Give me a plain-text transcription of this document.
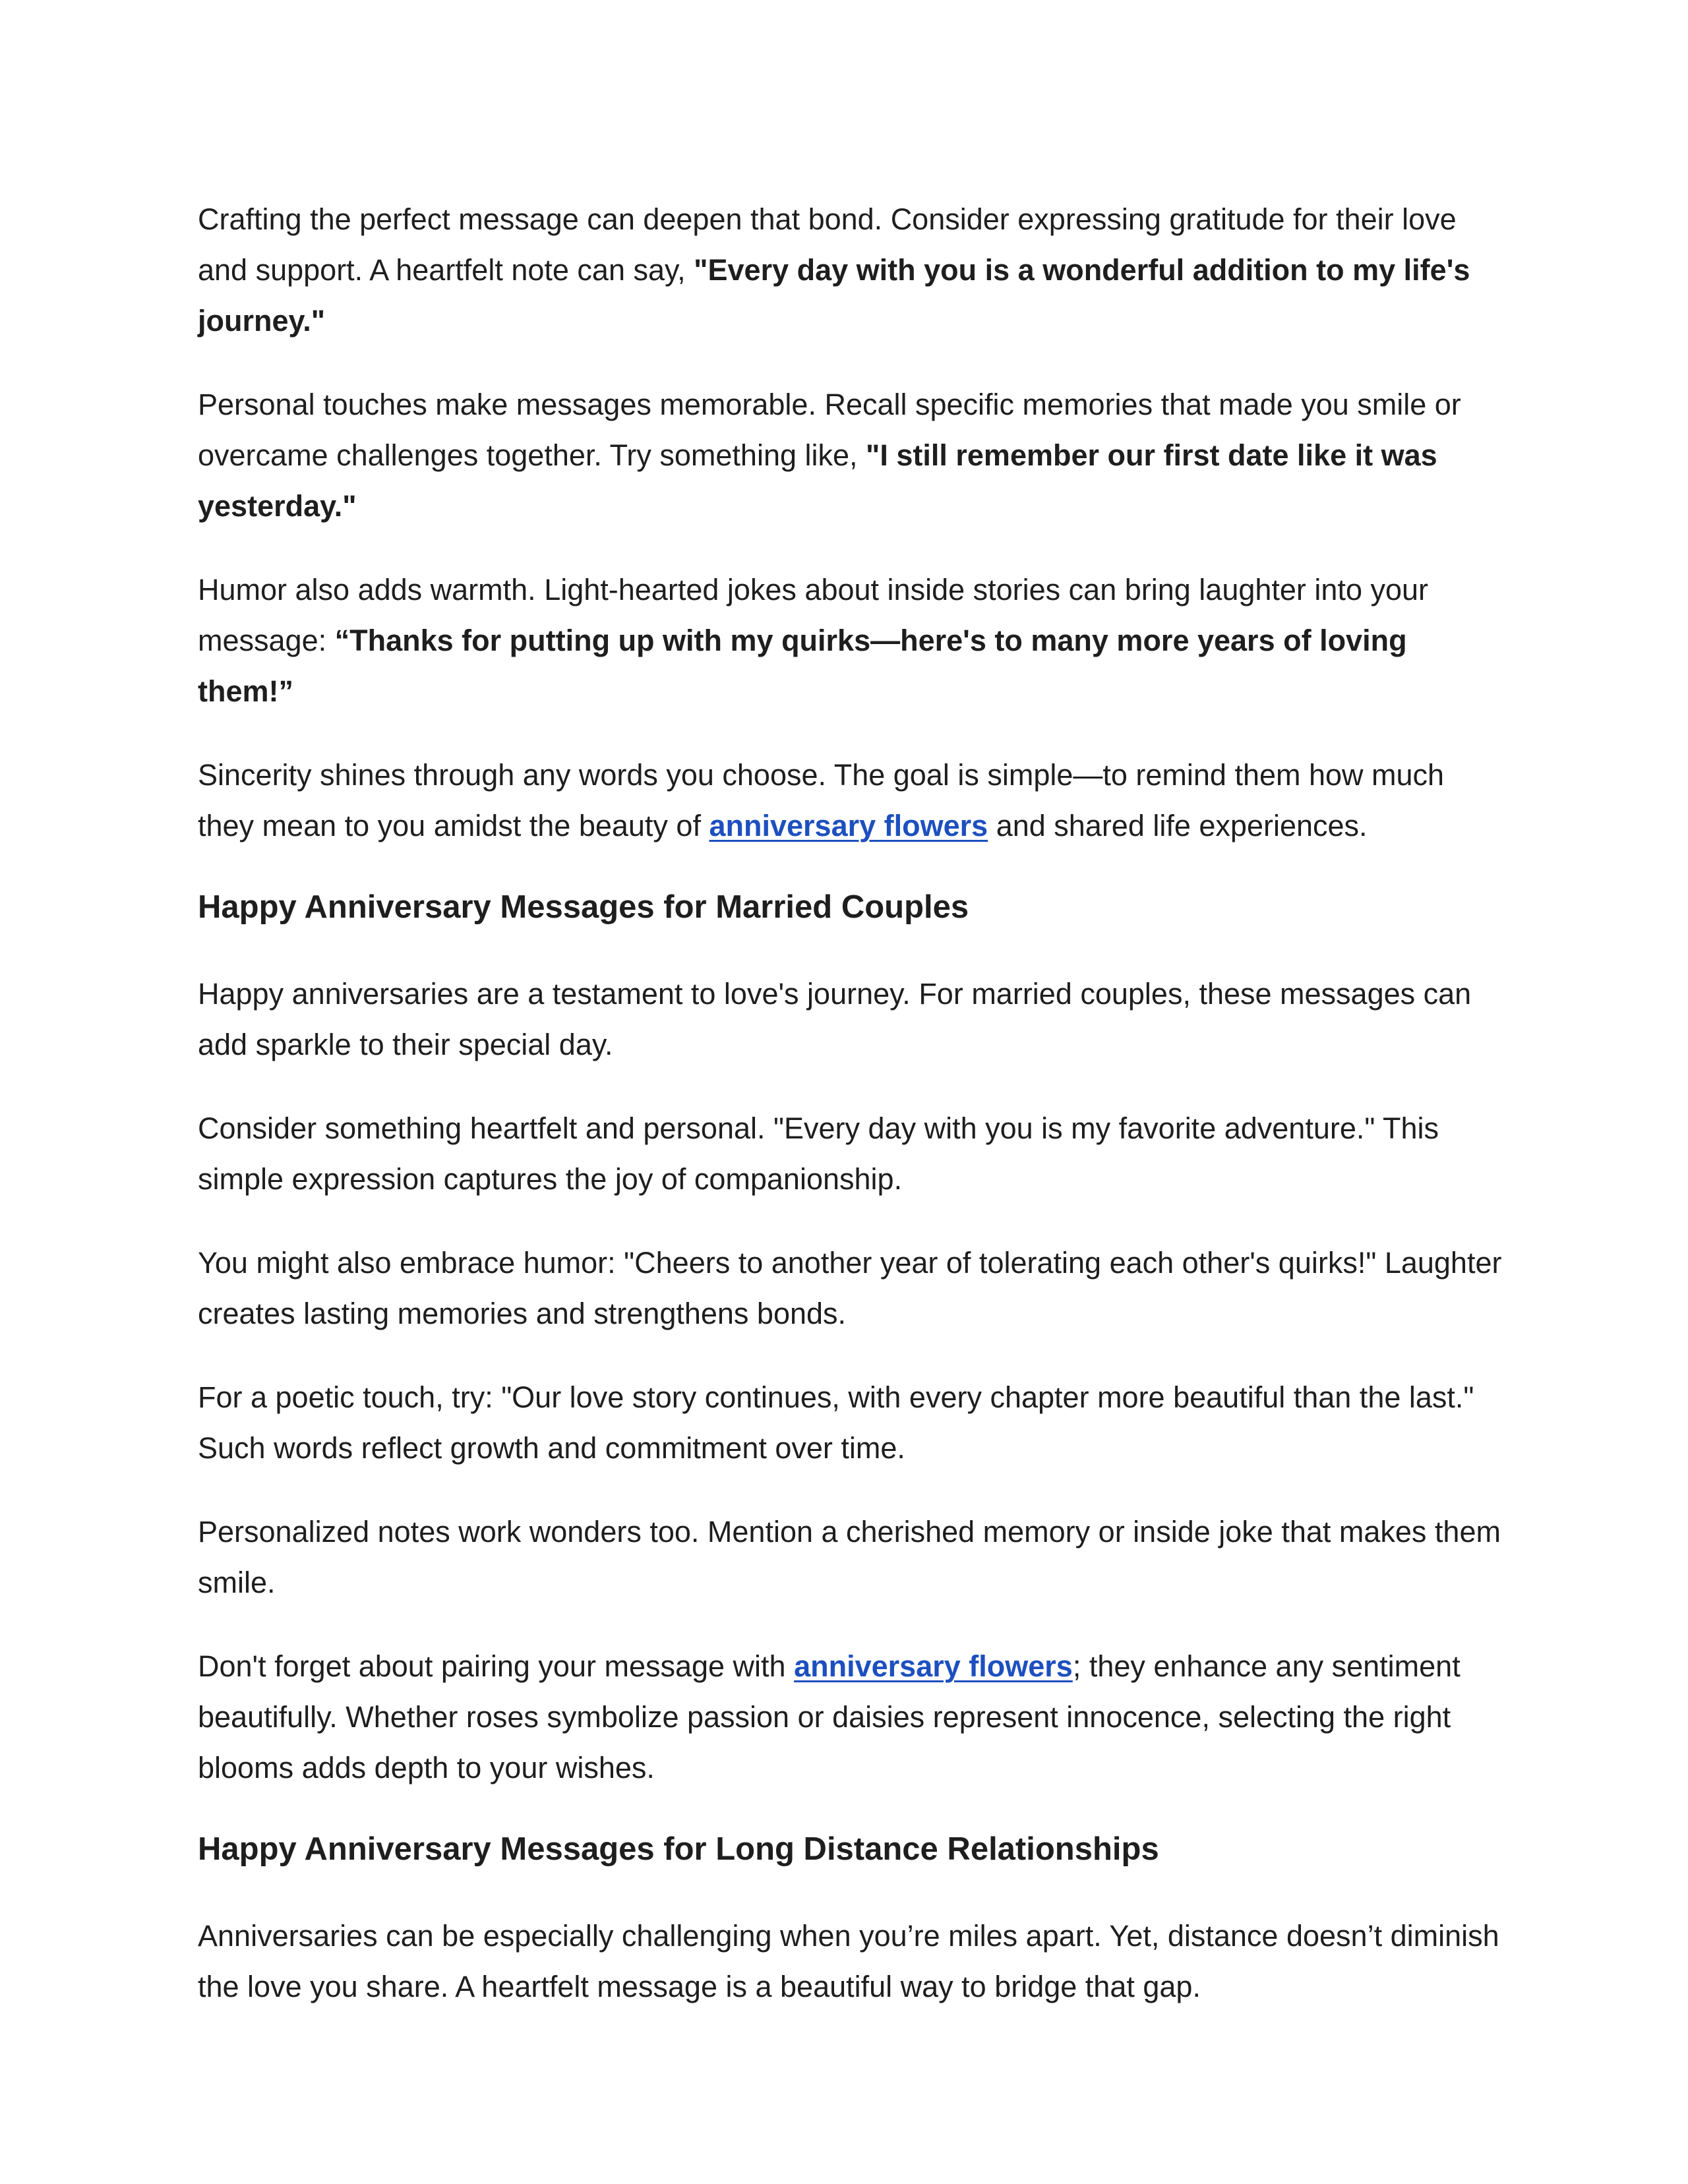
Crafting the perfect message can deepen that bond. Consider expressing gratitude for their love and support. A heartfelt note can say, "Every day with you is a wonderful addition to my life's journey."

Personal touches make messages memorable. Recall specific memories that made you smile or overcame challenges together. Try something like, "I still remember our first date like it was yesterday."

Humor also adds warmth. Light-hearted jokes about inside stories can bring laughter into your message: “Thanks for putting up with my quirks—here's to many more years of loving them!”

Sincerity shines through any words you choose. The goal is simple—to remind them how much they mean to you amidst the beauty of anniversary flowers and shared life experiences.

Happy Anniversary Messages for Married Couples

Happy anniversaries are a testament to love's journey. For married couples, these messages can add sparkle to their special day.

Consider something heartfelt and personal. "Every day with you is my favorite adventure." This simple expression captures the joy of companionship.

You might also embrace humor: "Cheers to another year of tolerating each other's quirks!" Laughter creates lasting memories and strengthens bonds.

For a poetic touch, try: "Our love story continues, with every chapter more beautiful than the last." Such words reflect growth and commitment over time.

Personalized notes work wonders too. Mention a cherished memory or inside joke that makes them smile.

Don't forget about pairing your message with anniversary flowers; they enhance any sentiment beautifully. Whether roses symbolize passion or daisies represent innocence, selecting the right blooms adds depth to your wishes.

Happy Anniversary Messages for Long Distance Relationships

Anniversaries can be especially challenging when you’re miles apart. Yet, distance doesn’t diminish the love you share. A heartfelt message is a beautiful way to bridge that gap.
